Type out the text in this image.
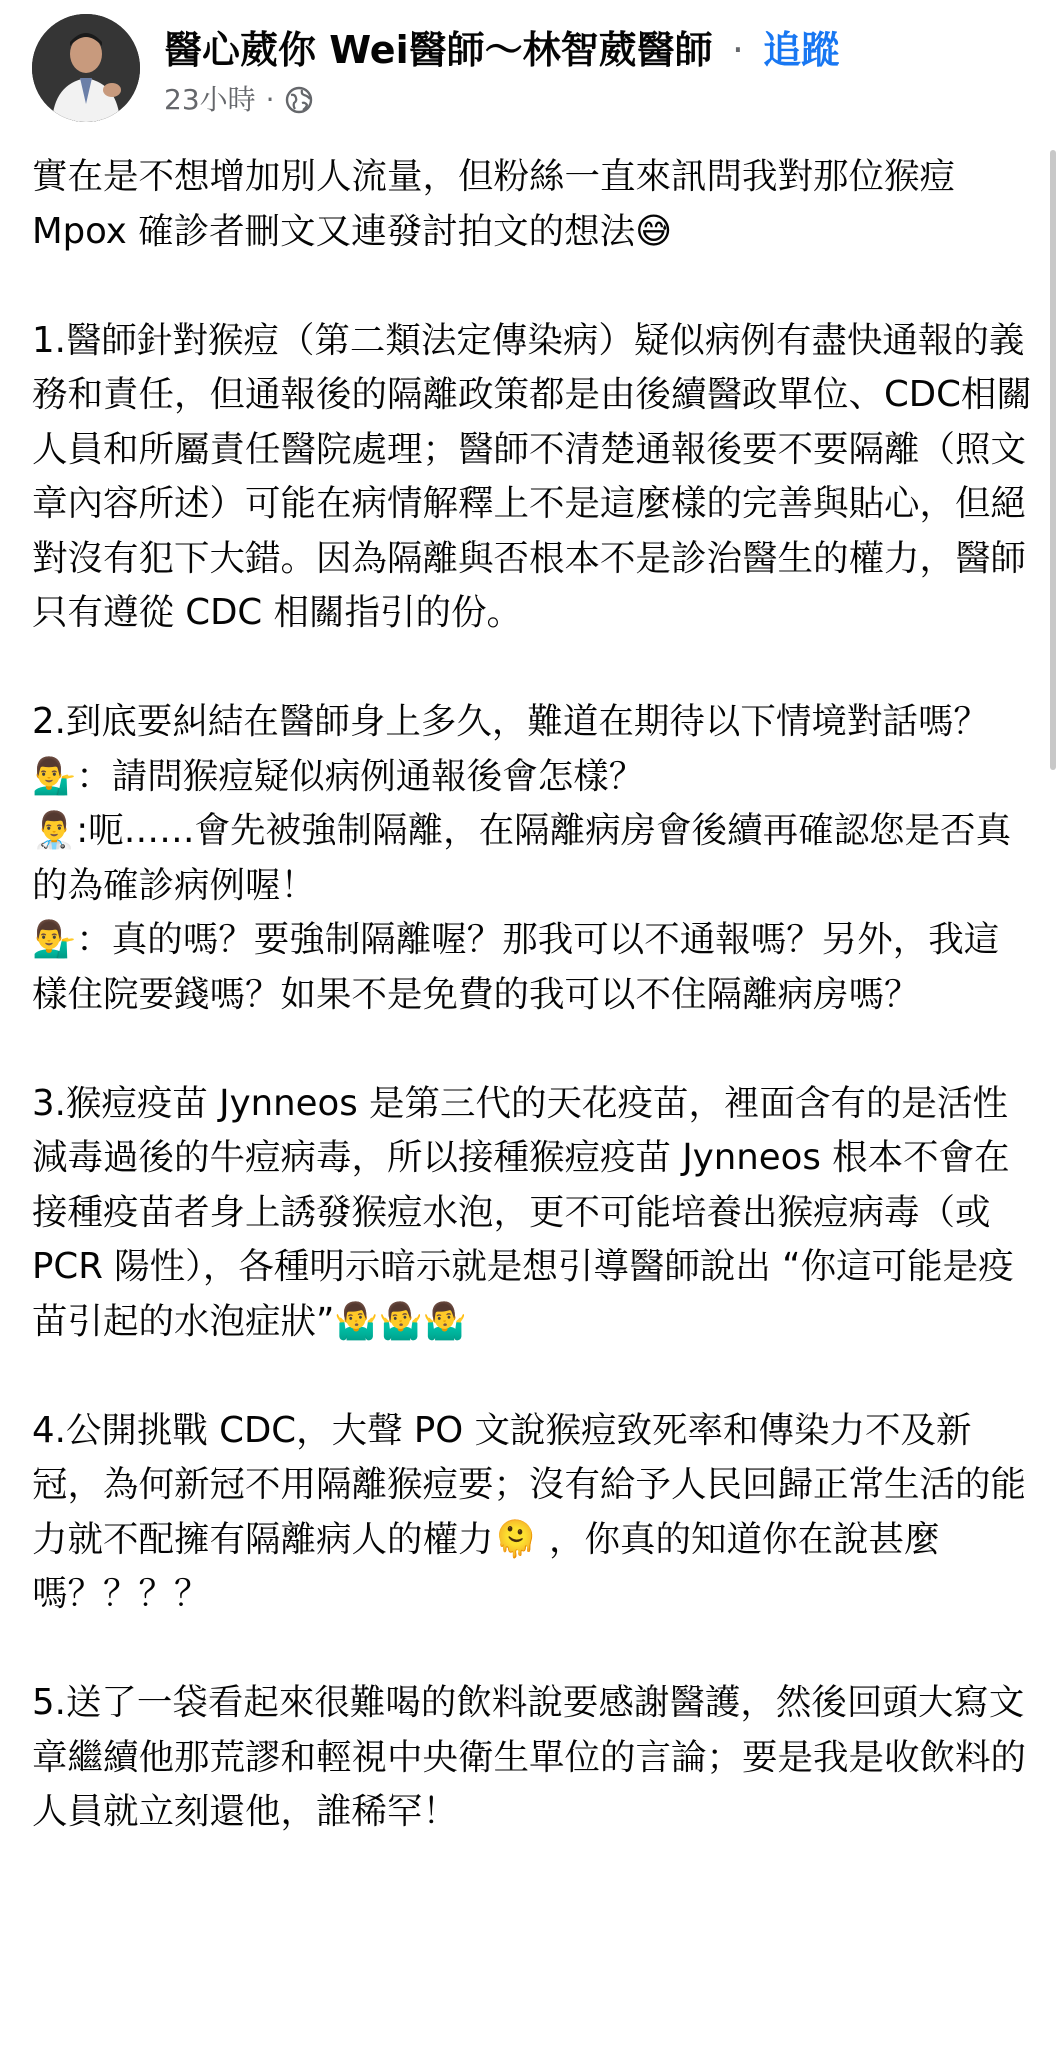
醫心葳你 Wei醫師～林智葳醫師 · 追蹤
23小時 ·

實在是不想增加別人流量，但粉絲一直來訊問我對那位猴痘 Mpox 確診者刪文又連發討拍文的想法😅

1.醫師針對猴痘（第二類法定傳染病）疑似病例有盡快通報的義務和責任，但通報後的隔離政策都是由後續醫政單位、CDC相關人員和所屬責任醫院處理；醫師不清楚通報後要不要隔離（照文章內容所述）可能在病情解釋上不是這麼樣的完善與貼心，但絕對沒有犯下大錯。因為隔離與否根本不是診治醫生的權力，醫師只有遵從 CDC 相關指引的份。

2.到底要糾結在醫師身上多久，難道在期待以下情境對話嗎？

💁‍♂️：請問猴痘疑似病例通報後會怎樣？

👨‍⚕️:呃……會先被強制隔離，在隔離病房會後續再確認您是否真的為確診病例喔！

💁‍♂️：真的嗎？要強制隔離喔？那我可以不通報嗎？另外，我這樣住院要錢嗎？如果不是免費的我可以不住隔離病房嗎？

3.猴痘疫苗 Jynneos 是第三代的天花疫苗，裡面含有的是活性減毒過後的牛痘病毒，所以接種猴痘疫苗 Jynneos 根本不會在接種疫苗者身上誘發猴痘水泡，更不可能培養出猴痘病毒（或 PCR 陽性），各種明示暗示就是想引導醫師說出 “你這可能是疫苗引起的水泡症狀”🤷‍♂️🤷‍♂️🤷‍♂️

4.公開挑戰 CDC，大聲 PO 文說猴痘致死率和傳染力不及新冠，為何新冠不用隔離猴痘要；沒有給予人民回歸正常生活的能力就不配擁有隔離病人的權力🫠 ，你真的知道你在說甚麼嗎？？？？

5.送了一袋看起來很難喝的飲料說要感謝醫護，然後回頭大寫文章繼續他那荒謬和輕視中央衛生單位的言論；要是我是收飲料的人員就立刻還他，誰稀罕！
